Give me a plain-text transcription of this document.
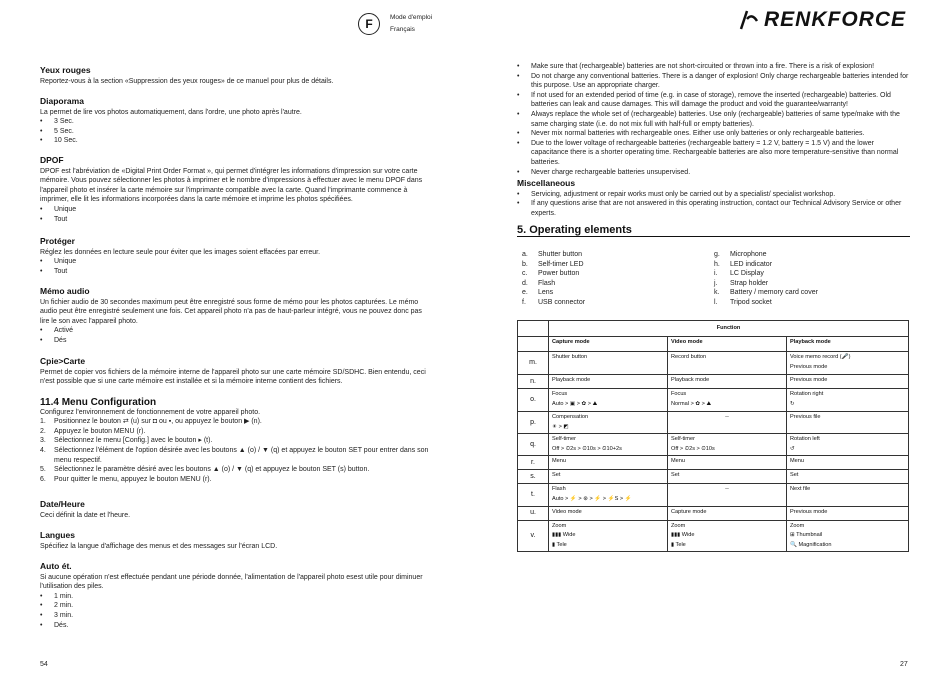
F	Mode d'emploi
Français	RENKFORCE
Yeux rouges

Reportez-vous à la section «Suppression des yeux rouges» de ce manuel pour plus de détails.

Diaporama

La permet de lire vos photos automatiquement, dans l'ordre, une photo après l'autre.

• 3 Sec.
• 5 Sec.
• 10 Sec.
DPOF

DPOF est l'abréviation de «Digital Print Order Format », qui permet d'intégrer les informations d'impression sur votre carte mémoire. Vous pouvez sélectionner les photos à imprimer et le nombre d'impressions à effectuer avec le menu DPOF dans l'appareil photo et insérer la carte mémoire sur l'imprimante compatible avec la carte. Quand l'imprimante commence à imprimer, elle lit les informations incorporées dans la carte mémoire et imprime les photos spécifiées.

• Unique
• Tout
Protéger

Réglez les données en lecture seule pour éviter que les images soient effacées par erreur.

• Unique
• Tout
Mémo audio

Un fichier audio de 30 secondes maximum peut être enregistré sous forme de mémo pour les photos capturées. Le mémo audio peut être enregistré seulement une fois. Cet appareil photo n'a pas de haut-parleur intégré, vous ne pouvez donc pas lire le son avec l'appareil photo.

• Activé
• Dés
Cpie>Carte

Permet de copier vos fichiers de la mémoire interne de l'appareil photo sur une carte mémoire SD/SDHC. Bien entendu, ceci n'est possible que si une carte mémoire est installée et si la mémoire interne contient des fichiers.

11.4 Menu Configuration

Configurez l'environnement de fonctionnement de votre appareil photo.

1. Positionnez le bouton ⇄ (u) sur ◘ ou ▪, ou appuyez le bouton ▶ (n).
2. Appuyez le bouton MENU (r).
3. Sélectionnez le menu [Config.] avec le bouton ▸ (t).
4. Sélectionnez l'élément de l'option désirée avec les boutons ▲ (o) / ▼ (q) et appuyez le bouton SET pour entrer dans son menu respectif.
5. Sélectionnez le paramètre désiré avec les boutons ▲ (o) / ▼ (q) et appuyez le bouton SET (s) button.
6. Pour quitter le menu, appuyez le bouton MENU (r).
Date/Heure

Ceci définit la date et l'heure.

Langues

Spécifiez la langue d'affichage des menus et des messages sur l'écran LCD.

Auto ét.

Si aucune opération n'est effectuée pendant une période donnée, l'alimentation de l'appareil photo esest utile pour diminuer l'utilisation des piles.

• 1 min.
• 2 min.
• 3 min.
• Dés.
54
• Make sure that (rechargeable) batteries are not short-circuited or thrown into a fire. There is a risk of explosion!
• Do not charge any conventional batteries. There is a danger of explosion! Only charge rechargeable batteries intended for this purpose. Use an appropriate charger.
• If not used for an extended period of time (e.g. in case of storage), remove the inserted (rechargeable) batteries. Old batteries can leak and cause damages. This will damage the product and void the guarantee/warranty!
• Always replace the whole set of (rechargeable) batteries. Use only (rechargeable) batteries of same type/make with the same charging state (i.e. do not mix full with half-full or empty batteries).
• Never mix normal batteries with rechargeable ones. Either use only batteries or only rechargeable batteries.
• Due to the lower voltage of rechargeable batteries (rechargeable battery = 1.2 V, battery = 1.5 V) and the lower capacitance there is a shorter operating time. Rechargeable batteries are also more temperature-sensitive than normal batteries.
• Never charge rechargeable batteries unsupervised.
Miscellaneous
• Servicing, adjustment or repair works must only be carried out by a specialist/ specialist workshop.
• If any questions arise that are not answered in this operating instruction, contact our Technical Advisory Service or other experts.
5. Operating elements
a. Shutter button
b. Self-timer LED
c. Power button
d. Flash
e. Lens
f. USB connector
g. Microphone
h. LED indicator
i. LC Display
j. Strap holder
k. Battery / memory card cover
l. Tripod socket
	Function		
	Capture mode	Video mode	Playback mode
m.	Shutter button	Record button	Voice memo record (🎤)
Previous mode
n.	Playback mode	Playback mode	Previous mode
o.	Focus
Auto > ▣ > ✿ > ⛰	Focus
Normal > ✿ > ⛰	Rotation right
↻
p.	Compensation
☀ > ◩	--	Previous file
q.	Self-timer
Off > ⏲2s > ⏲10s > ⏲10+2s	Self-timer
Off > ⏲2s > ⏲10s	Rotation left
↺
r.	Menu	Menu	Menu
s.	Set	Set	Set
t.	Flash
Auto > ⚡ > ⊛ > ⚡ > ⚡S > ⚡	--	Next file
u.	Video mode	Capture mode	Previous mode
v.	Zoom
▮▮▮ Wide
▮ Tele	Zoom
▮▮▮ Wide
▮ Tele	Zoom
⊞ Thumbnail
🔍 Magnification
27
